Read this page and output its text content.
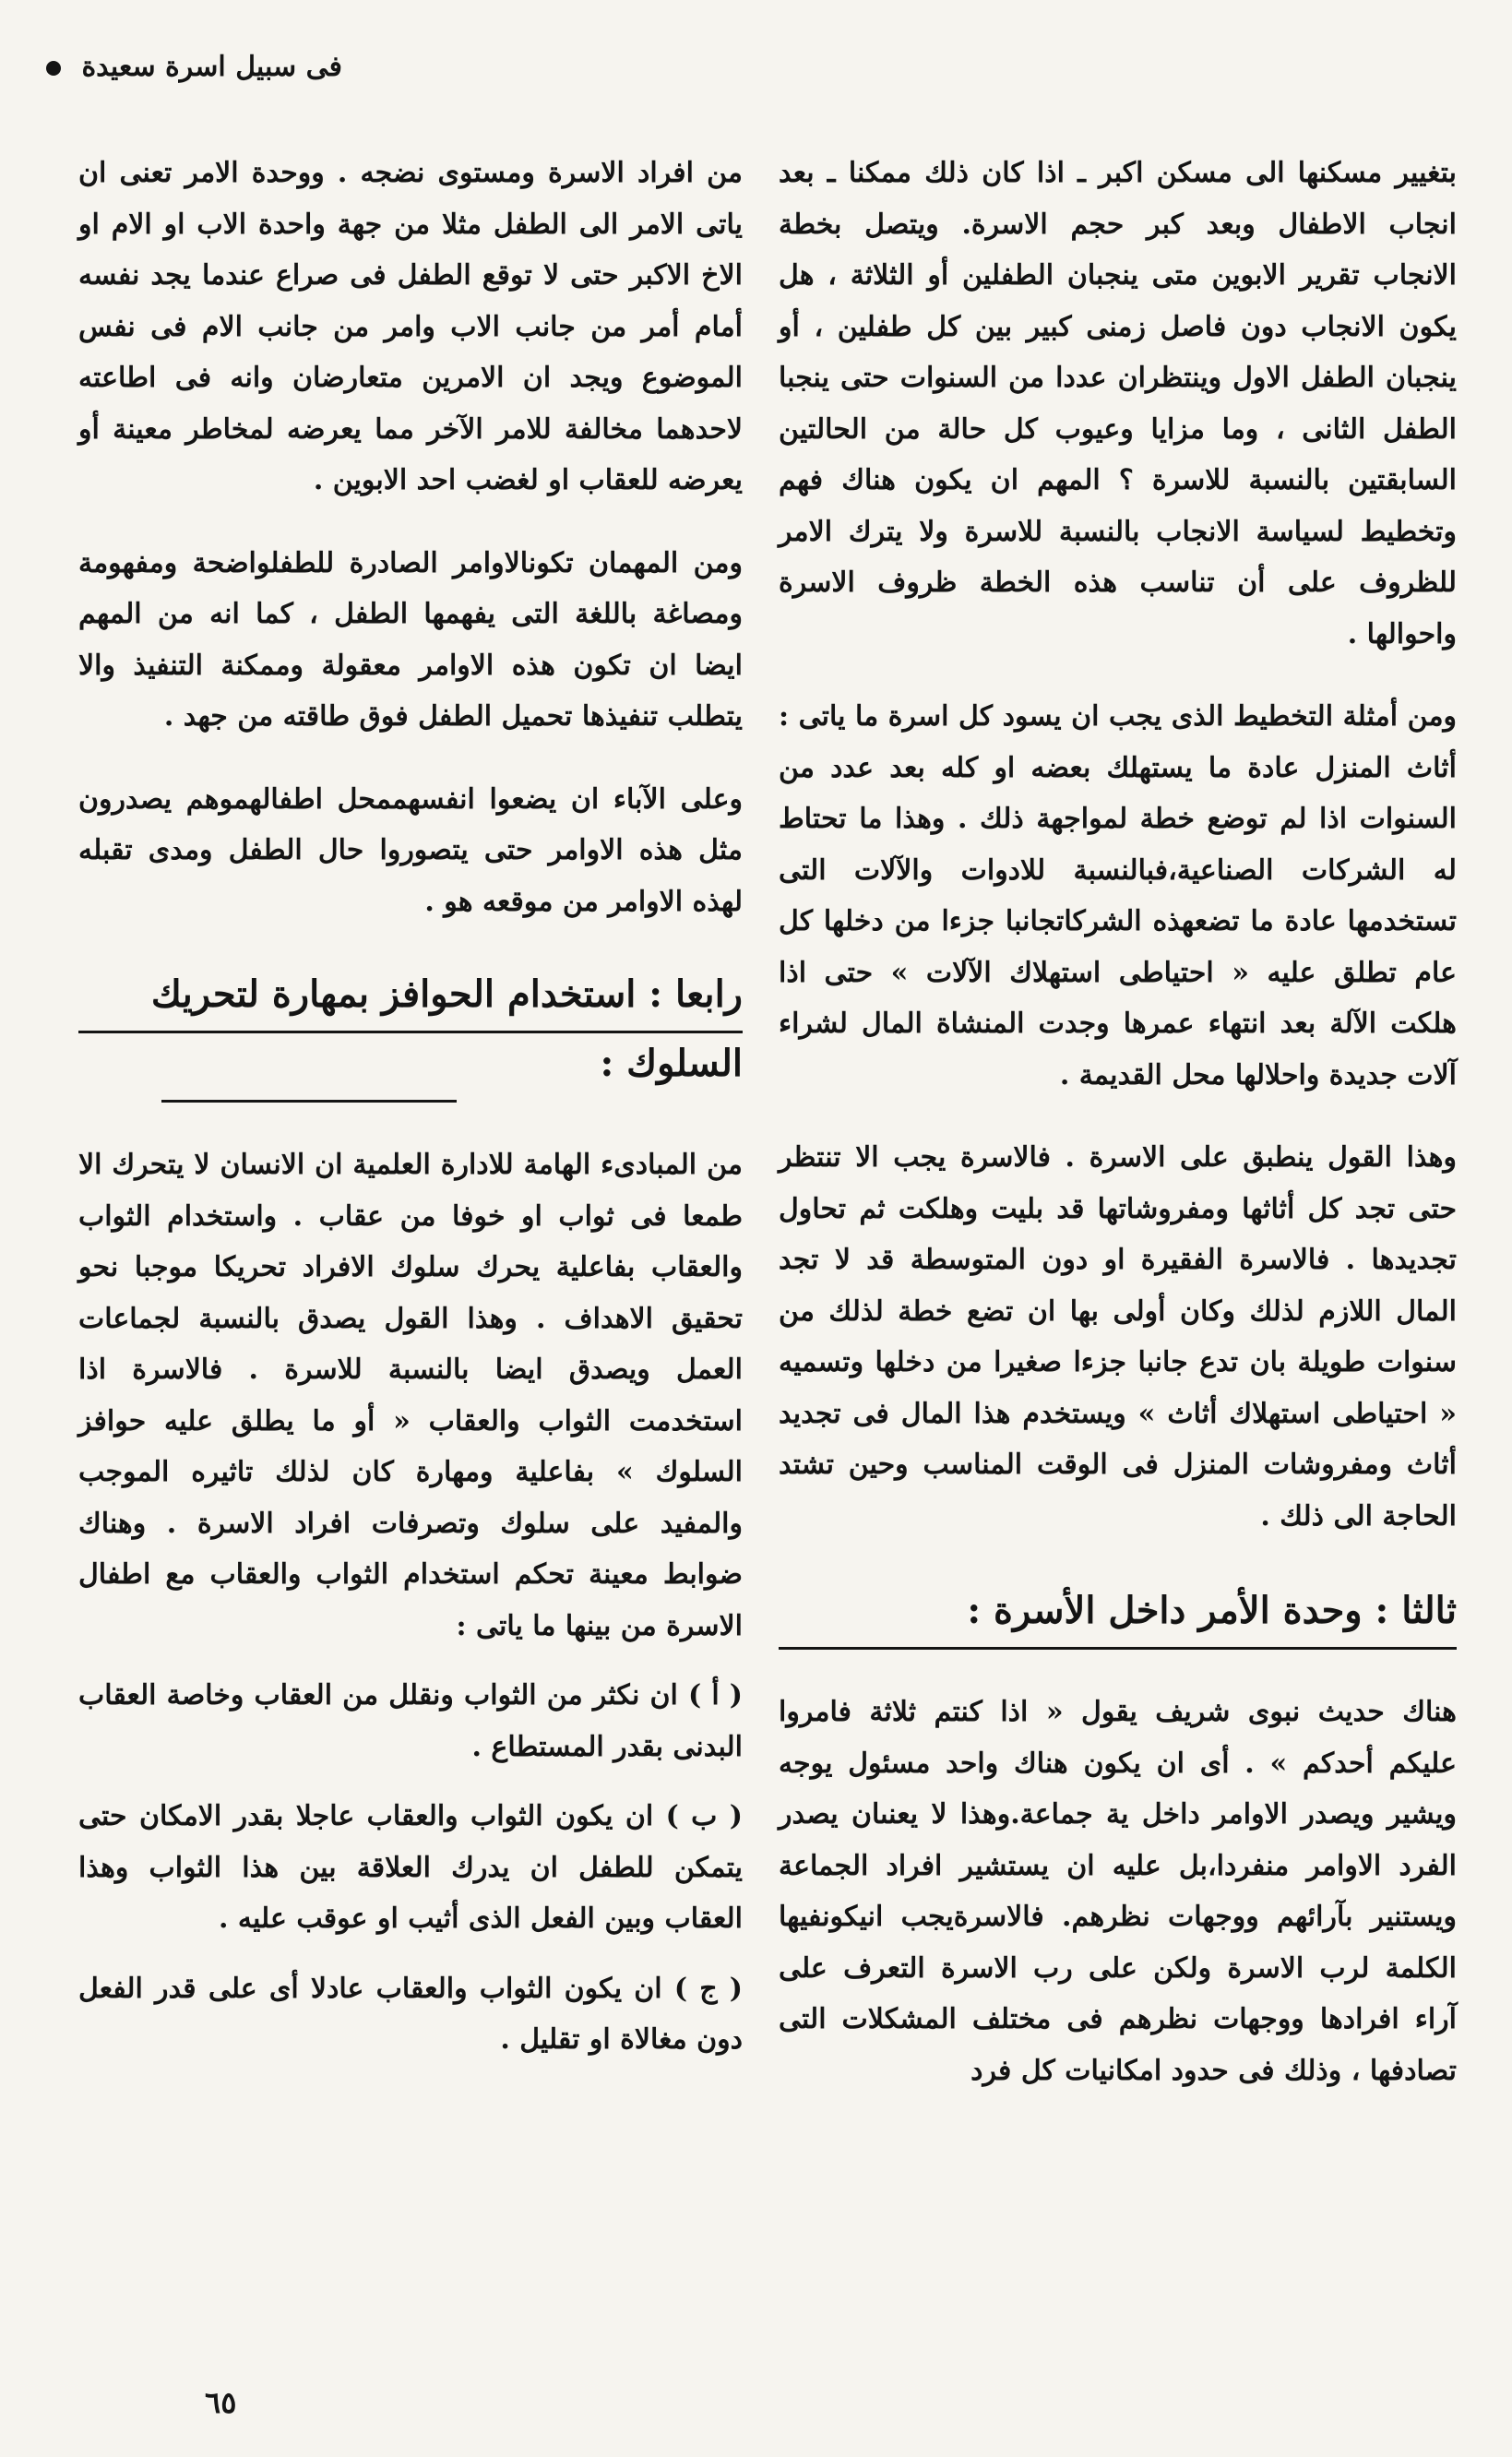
فى سبيل اسرة سعيدة

بتغيير مسكنها الى مسكن اكبر ـ اذا كان ذلك ممكنا ـ بعد انجاب الاطفال وبعد كبر حجم الاسرة. ويتصل بخطة الانجاب تقرير الابوين متى ينجبان الطفلين أو الثلاثة ، هل يكون الانجاب دون فاصل زمنى كبير بين كل طفلين ، أو ينجبان الطفل الاول وينتظران عددا من السنوات حتى ينجبا الطفل الثانى ، وما مزايا وعيوب كل حالة من الحالتين السابقتين بالنسبة للاسرة ؟ المهم ان يكون هناك فهم وتخطيط لسياسة الانجاب بالنسبة للاسرة ولا يترك الامر للظروف على أن تناسب هذه الخطة ظروف الاسرة واحوالها .

ومن أمثلة التخطيط الذى يجب ان يسود كل اسرة ما ياتى : أثاث المنزل عادة ما يستهلك بعضه او كله بعد عدد من السنوات اذا لم توضع خطة لمواجهة ذلك . وهذا ما تحتاط له الشركات الصناعية،فبالنسبة للادوات والآلات التى تستخدمها عادة ما تضعهذه الشركاتجانبا جزءا من دخلها كل عام تطلق عليه « احتياطى استهلاك الآلات » حتى اذا هلكت الآلة بعد انتهاء عمرها وجدت المنشاة المال لشراء آلات جديدة واحلالها محل القديمة .

وهذا القول ينطبق على الاسرة . فالاسرة يجب الا تنتظر حتى تجد كل أثاثها ومفروشاتها قد بليت وهلكت ثم تحاول تجديدها . فالاسرة الفقيرة او دون المتوسطة قد لا تجد المال اللازم لذلك وكان أولى بها ان تضع خطة لذلك من سنوات طويلة بان تدع جانبا جزءا صغيرا من دخلها وتسميه « احتياطى استهلاك أثاث » ويستخدم هذا المال فى تجديد أثاث ومفروشات المنزل فى الوقت المناسب وحين تشتد الحاجة الى ذلك .

ثالثا : وحدة الأمر داخل الأسرة :

هناك حديث نبوى شريف يقول « اذا كنتم ثلاثة فامروا عليكم أحدكم » . أى ان يكون هناك واحد مسئول يوجه ويشير ويصدر الاوامر داخل ية جماعة.وهذا لا يعنىان يصدر الفرد الاوامر منفردا،بل عليه ان يستشير افراد الجماعة ويستنير بآرائهم ووجهات نظرهم. فالاسرةيجب انيكونفيها الكلمة لرب الاسرة ولكن على رب الاسرة التعرف على آراء افرادها ووجهات نظرهم فى مختلف المشكلات التى تصادفها ، وذلك فى حدود امكانيات كل فرد

من افراد الاسرة ومستوى نضجه . ووحدة الامر تعنى ان ياتى الامر الى الطفل مثلا من جهة واحدة الاب او الام او الاخ الاكبر حتى لا توقع الطفل فى صراع عندما يجد نفسه أمام أمر من جانب الاب وامر من جانب الام فى نفس الموضوع ويجد ان الامرين متعارضان وانه فى اطاعته لاحدهما مخالفة للامر الآخر مما يعرضه لمخاطر معينة أو يعرضه للعقاب او لغضب احد الابوين .

ومن المهمان تكونالاوامر الصادرة للطفلواضحة ومفهومة ومصاغة باللغة التى يفهمها الطفل ، كما انه من المهم ايضا ان تكون هذه الاوامر معقولة وممكنة التنفيذ والا يتطلب تنفيذها تحميل الطفل فوق طاقته من جهد .

وعلى الآباء ان يضعوا انفسهممحل اطفالهموهم يصدرون مثل هذه الاوامر حتى يتصوروا حال الطفل ومدى تقبله لهذه الاوامر من موقعه هو .

رابعا : استخدام الحوافز بمهارة لتحريك

السلوك :

من المبادىء الهامة للادارة العلمية ان الانسان لا يتحرك الا طمعا فى ثواب او خوفا من عقاب . واستخدام الثواب والعقاب بفاعلية يحرك سلوك الافراد تحريكا موجبا نحو تحقيق الاهداف . وهذا القول يصدق بالنسبة لجماعات العمل ويصدق ايضا بالنسبة للاسرة . فالاسرة اذا استخدمت الثواب والعقاب « أو ما يطلق عليه حوافز السلوك » بفاعلية ومهارة كان لذلك تاثيره الموجب والمفيد على سلوك وتصرفات افراد الاسرة . وهناك ضوابط معينة تحكم استخدام الثواب والعقاب مع اطفال الاسرة من بينها ما ياتى :

( أ ) ان نكثر من الثواب ونقلل من العقاب وخاصة العقاب البدنى بقدر المستطاع .

( ب ) ان يكون الثواب والعقاب عاجلا بقدر الامكان حتى يتمكن للطفل ان يدرك العلاقة بين هذا الثواب وهذا العقاب وبين الفعل الذى أثيب او عوقب عليه .

( ج ) ان يكون الثواب والعقاب عادلا أى على قدر الفعل دون مغالاة او تقليل .

٦٥
